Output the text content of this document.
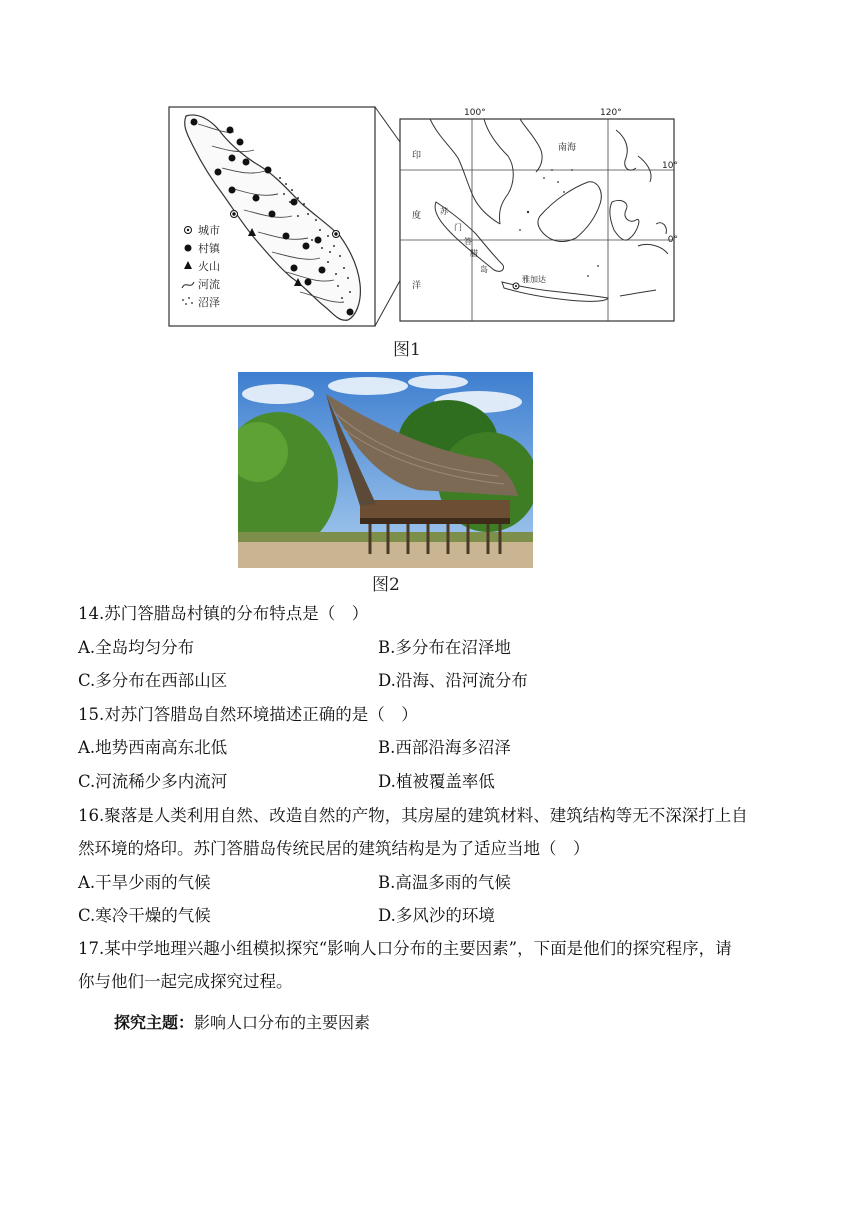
城市
村镇
火山
河流
沼泽
100°	120°
10°
0°
南海
印
度
洋
苏
门
答
腊
岛
雅加达
图1
图2
14.苏门答腊岛村镇的分布特点是（　）
A.全岛均匀分布	B.多分布在沼泽地
C.多分布在西部山区	D.沿海、沿河流分布
15.对苏门答腊岛自然环境描述正确的是（　）
A.地势西南高东北低	B.西部沿海多沼泽
C.河流稀少多内流河	D.植被覆盖率低
16.聚落是人类利用自然、改造自然的产物，其房屋的建筑材料、建筑结构等无不深深打上自
然环境的烙印。苏门答腊岛传统民居的建筑结构是为了适应当地（　）
A.干旱少雨的气候	B.高温多雨的气候
C.寒冷干燥的气候	D.多风沙的环境
17.某中学地理兴趣小组模拟探究“影响人口分布的主要因素”，下面是他们的探究程序，请
你与他们一起完成探究过程。
探究主题：影响人口分布的主要因素
